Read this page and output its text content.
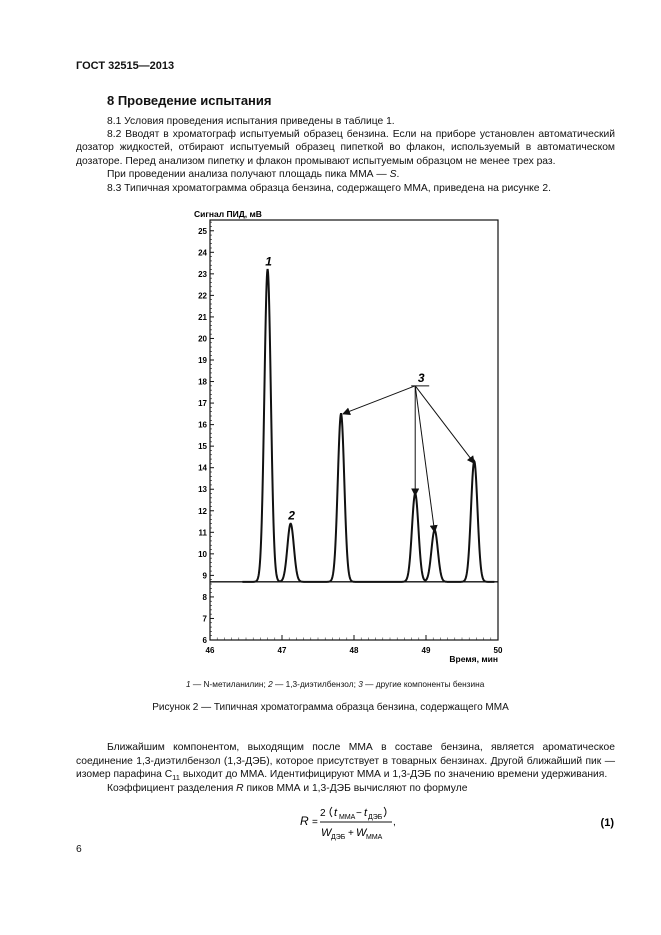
ГОСТ 32515—2013
8 Проведение испытания
8.1 Условия проведения испытания приведены в таблице 1.
8.2 Вводят в хроматограф испытуемый образец бензина. Если на приборе установлен автоматический дозатор жидкостей, отбирают испытуемый образец пипеткой во флакон, используемый в автоматическом дозаторе. Перед анализом пипетку и флакон промывают испытуемым образцом не менее трех раз.
При проведении анализа получают площадь пика ММА — S.
8.3 Типичная хроматограмма образца бензина, содержащего ММА, приведена на рисунке 2.
Сигнал ПИД, мВ
6
7
8
9
10
11
12
13
14
15
16
17
18
19
20
21
22
23
24
25
46	47	48	49	50
1
2
3
Время, мин
1 — N-метиланилин; 2 — 1,3-диэтилбензол; 3 — другие компоненты бензина
Рисунок 2 — Типичная хроматограмма образца бензина, содержащего ММА
Ближайшим компонентом, выходящим после ММА в составе бензина, является ароматическое соединение 1,3-диэтилбензол (1,3-ДЭБ), которое присутствует в товарных бензинах. Другой ближайший пик — изомер парафина $C_{11}$ выходит до ММА. Идентифицируют ММА и 1,3-ДЭБ по значению времени удерживания.
Коэффициент разделения R пиков ММА и 1,3-ДЭБ вычисляют по формуле
R =
2 t ММА − t ДЭБ
W ДЭБ + W ММА
,	(1)
6
